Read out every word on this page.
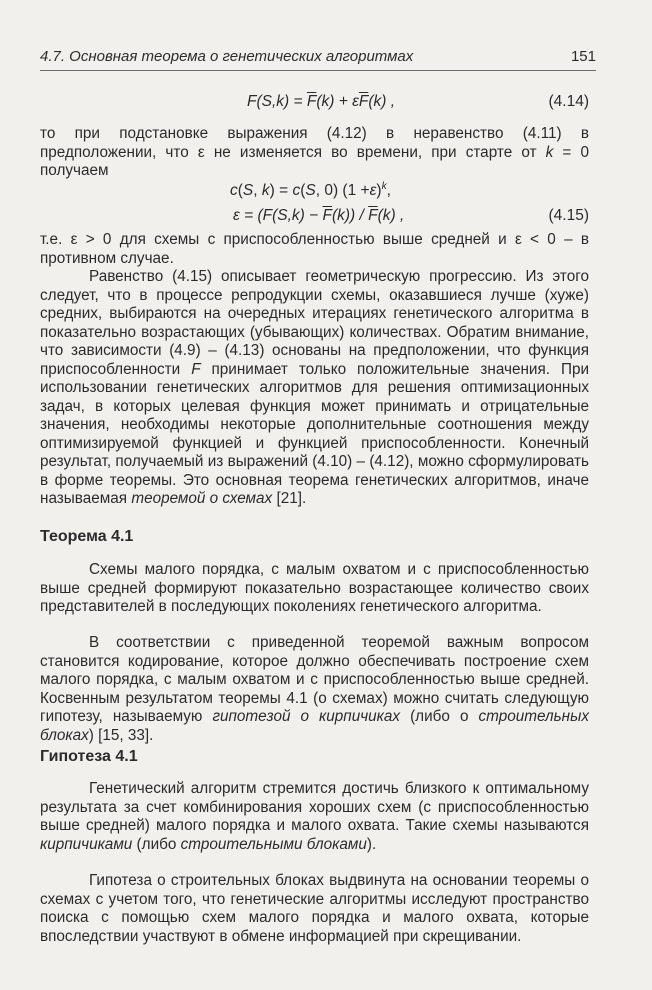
4.7. Основная теорема о генетических алгоритмах	151
$F(S,k) = \overline{F}(k) + \varepsilon\overline{F}(k)$ ,	(4.14)

то при подстановке выражения (4.12) в неравенство (4.11) в предположении, что ε не изменяется во времени, при старте от k = 0 получаем

c(S, k) = c(S, 0) $(1 +\varepsilon)^k$,
$\varepsilon = (F(S,k) - \overline{F}(k)) / \overline{F}(k)$ ,	(4.15)

т.е. ε > 0 для схемы с приспособленностью выше средней и ε < 0 – в противном случае.

Равенство (4.15) описывает геометрическую прогрессию. Из этого следует, что в процессе репродукции схемы, оказавшиеся лучше (хуже) средних, выбираются на очередных итерациях генетического алгоритма в показательно возрастающих (убывающих) количествах. Обратим внимание, что зависимости (4.9) – (4.13) основаны на предположении, что функция приспособленности F принимает только положительные значения. При использовании генетических алгоритмов для решения оптимизационных задач, в которых целевая функция может принимать и отрицательные значения, необходимы некоторые дополнительные соотношения между оптимизируемой функцией и функцией приспособленности. Конечный результат, получаемый из выражений (4.10) – (4.12), можно сформулировать в форме теоремы. Это основная теорема генетических алгоритмов, иначе называемая теоремой о схемах [21].

Теорема 4.1

Схемы малого порядка, с малым охватом и с приспособленностью выше средней формируют показательно возрастающее количество своих представителей в последующих поколениях генетического алгоритма.

В соответствии с приведенной теоремой важным вопросом становится кодирование, которое должно обеспечивать построение схем малого порядка, с малым охватом и с приспособленностью выше средней. Косвенным результатом теоремы 4.1 (о схемах) можно считать следующую гипотезу, называемую гипотезой о кирпичиках (либо о строительных блоках) [15, 33].

Гипотеза 4.1

Генетический алгоритм стремится достичь близкого к оптимальному результата за счет комбинирования хороших схем (с приспособленностью выше средней) малого порядка и малого охвата. Такие схемы называются кирпичиками (либо строительными блоками).

Гипотеза о строительных блоках выдвинута на основании теоремы о схемах с учетом того, что генетические алгоритмы исследуют пространство поиска с помощью схем малого порядка и малого охвата, которые впоследствии участвуют в обмене информацией при скрещивании.
